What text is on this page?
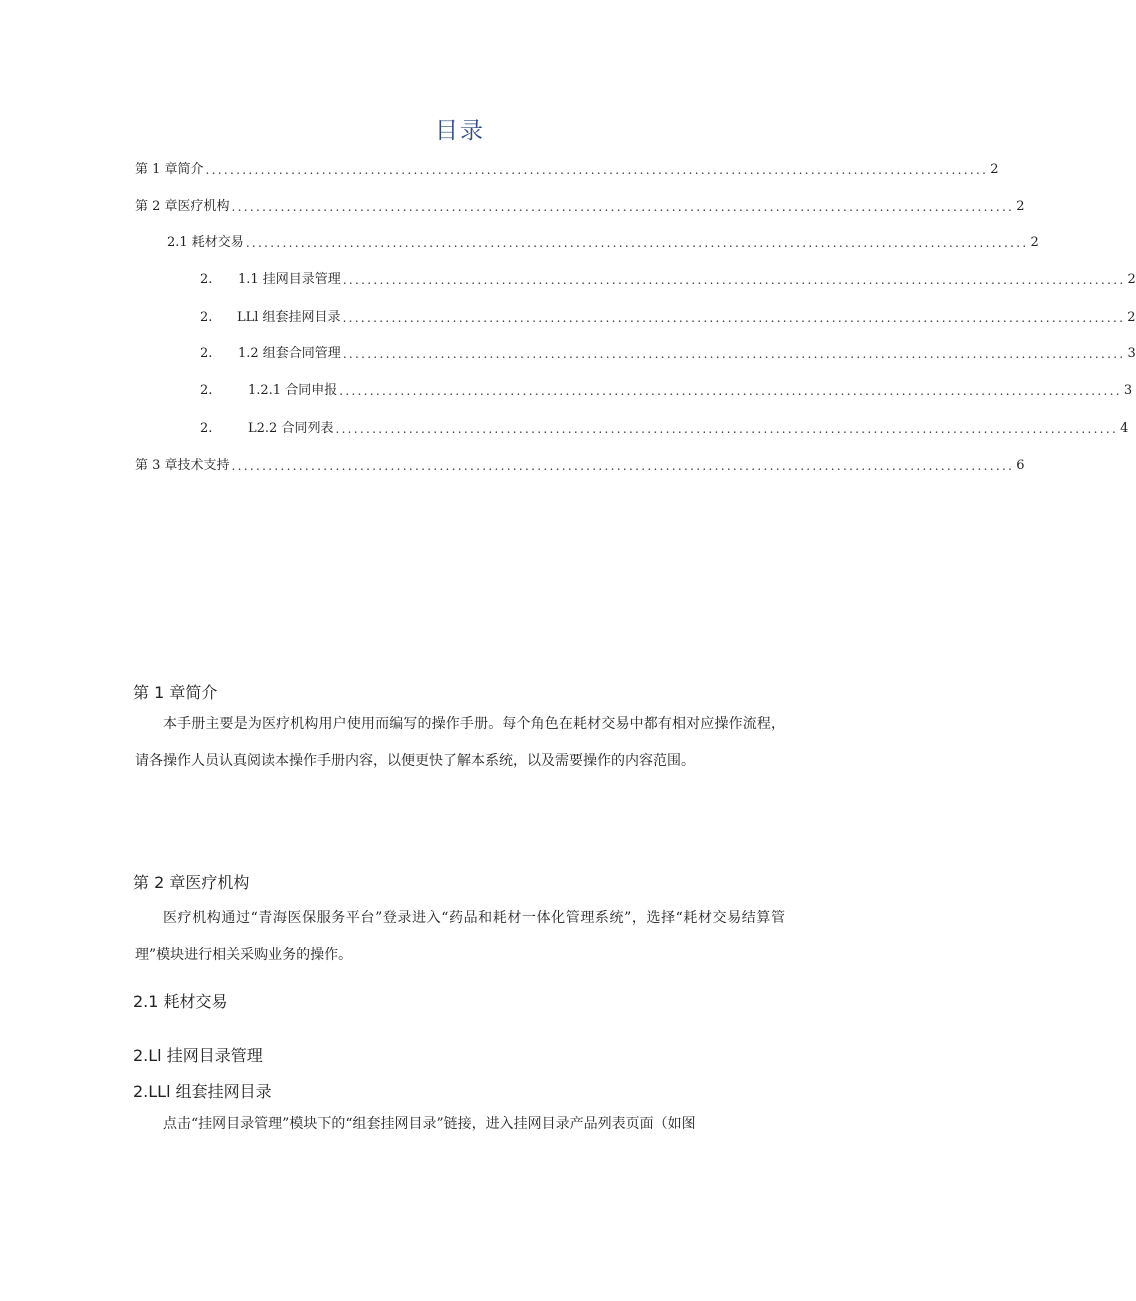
目录
第 1 章简介 ................................................................................................................................ 2
第 2 章医疗机构 ................................................................................................................................ 2
2.1 耗材交易 ................................................................................................................................ 2
2.	1.1 挂网目录管理 ................................................................................................................................ 2
2.	LLl 组套挂网目录 ................................................................................................................................ 2
2.	1.2 组套合同管理 ................................................................................................................................ 3
2.	1.2.1 合同申报 ................................................................................................................................ 3
2.	L2.2 合同列表 ................................................................................................................................ 4
第 3 章技术支持 ................................................................................................................................ 6
第 1 章简介

本手册主要是为医疗机构用户使用而编写的操作手册。每个角色在耗材交易中都有相对应操作流程，请各操作人员认真阅读本操作手册内容，以便更快了解本系统，以及需要操作的内容范围。

第 2 章医疗机构

医疗机构通过“青海医保服务平台”登录进入“药品和耗材一体化管理系统”，选择“耗材交易结算管理”模块进行相关采购业务的操作。

2.1 耗材交易
2.Ll 挂网目录管理
2.LLl 组套挂网目录

点击“挂网目录管理”模块下的“组套挂网目录”链接，进入挂网目录产品列表页面（如图
